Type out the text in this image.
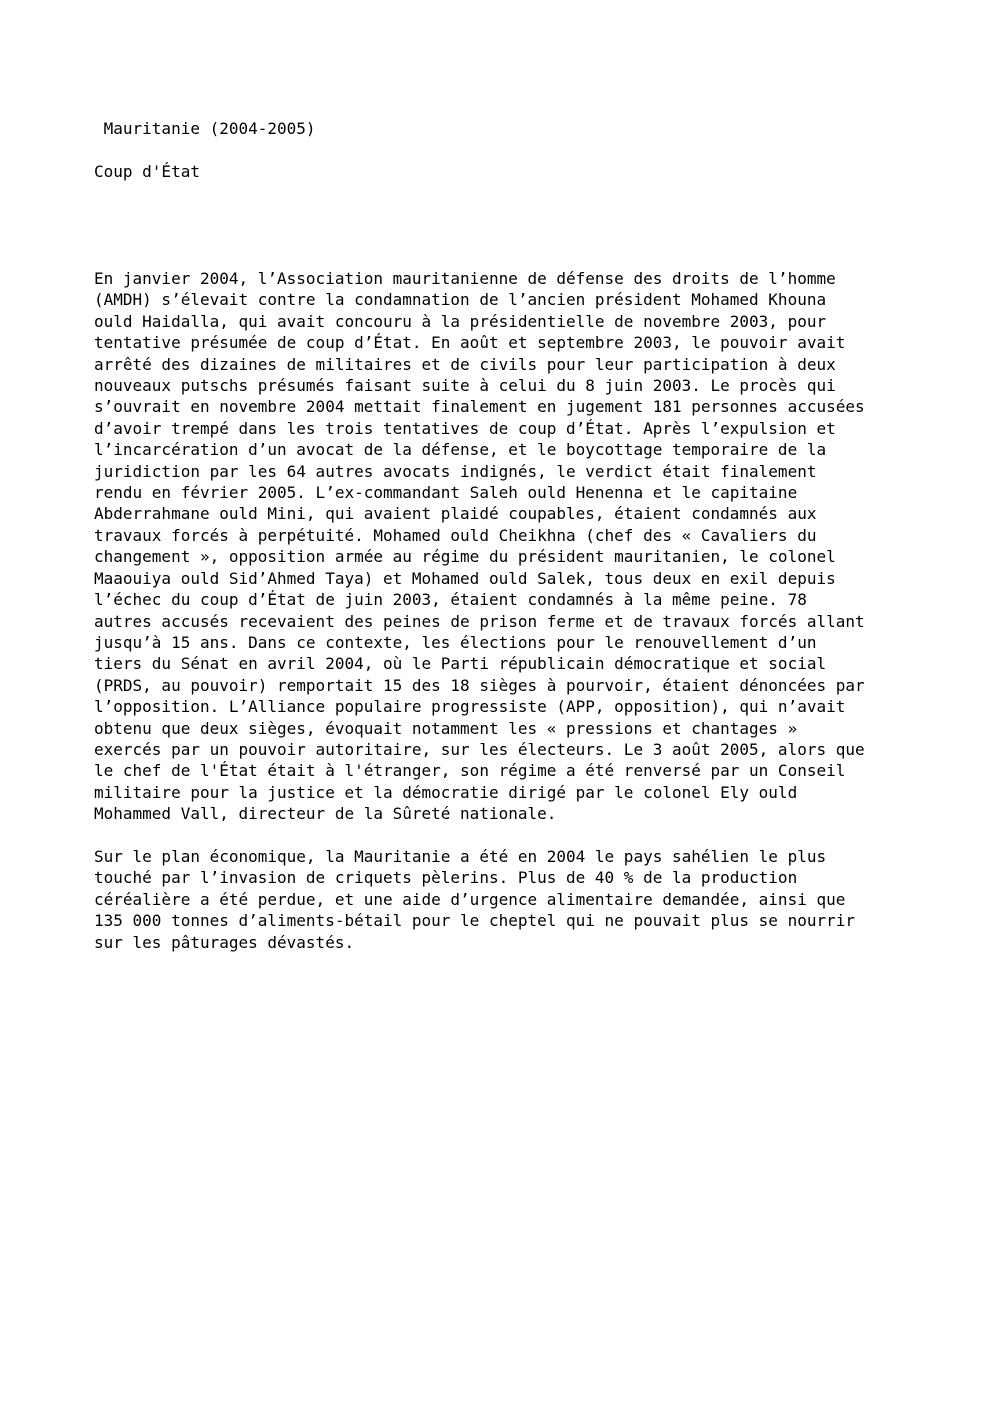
Mauritanie (2004-2005)

Coup d'État

En janvier 2004, l’Association mauritanienne de défense des droits de l’homme
(AMDH) s’élevait contre la condamnation de l’ancien président Mohamed Khouna
ould Haidalla, qui avait concouru à la présidentielle de novembre 2003, pour
tentative présumée de coup d’État. En août et septembre 2003, le pouvoir avait
arrêté des dizaines de militaires et de civils pour leur participation à deux
nouveaux putschs présumés faisant suite à celui du 8 juin 2003. Le procès qui
s’ouvrait en novembre 2004 mettait finalement en jugement 181 personnes accusées
d’avoir trempé dans les trois tentatives de coup d’État. Après l’expulsion et
l’incarcération d’un avocat de la défense, et le boycottage temporaire de la
juridiction par les 64 autres avocats indignés, le verdict était finalement
rendu en février 2005. L’ex-commandant Saleh ould Henenna et le capitaine
Abderrahmane ould Mini, qui avaient plaidé coupables, étaient condamnés aux
travaux forcés à perpétuité. Mohamed ould Cheikhna (chef des « Cavaliers du
changement », opposition armée au régime du président mauritanien, le colonel
Maaouiya ould Sid’Ahmed Taya) et Mohamed ould Salek, tous deux en exil depuis
l’échec du coup d’État de juin 2003, étaient condamnés à la même peine. 78
autres accusés recevaient des peines de prison ferme et de travaux forcés allant
jusqu’à 15 ans. Dans ce contexte, les élections pour le renouvellement d’un
tiers du Sénat en avril 2004, où le Parti républicain démocratique et social
(PRDS, au pouvoir) remportait 15 des 18 sièges à pourvoir, étaient dénoncées par
l’opposition. L’Alliance populaire progressiste (APP, opposition), qui n’avait
obtenu que deux sièges, évoquait notamment les « pressions et chantages »
exercés par un pouvoir autoritaire, sur les électeurs. Le 3 août 2005, alors que
le chef de l'État était à l'étranger, son régime a été renversé par un Conseil
militaire pour la justice et la démocratie dirigé par le colonel Ely ould
Mohammed Vall, directeur de la Sûreté nationale.

Sur le plan économique, la Mauritanie a été en 2004 le pays sahélien le plus
touché par l’invasion de criquets pèlerins. Plus de 40 % de la production
céréalière a été perdue, et une aide d’urgence alimentaire demandée, ainsi que
135 000 tonnes d’aliments-bétail pour le cheptel qui ne pouvait plus se nourrir
sur les pâturages dévastés.
